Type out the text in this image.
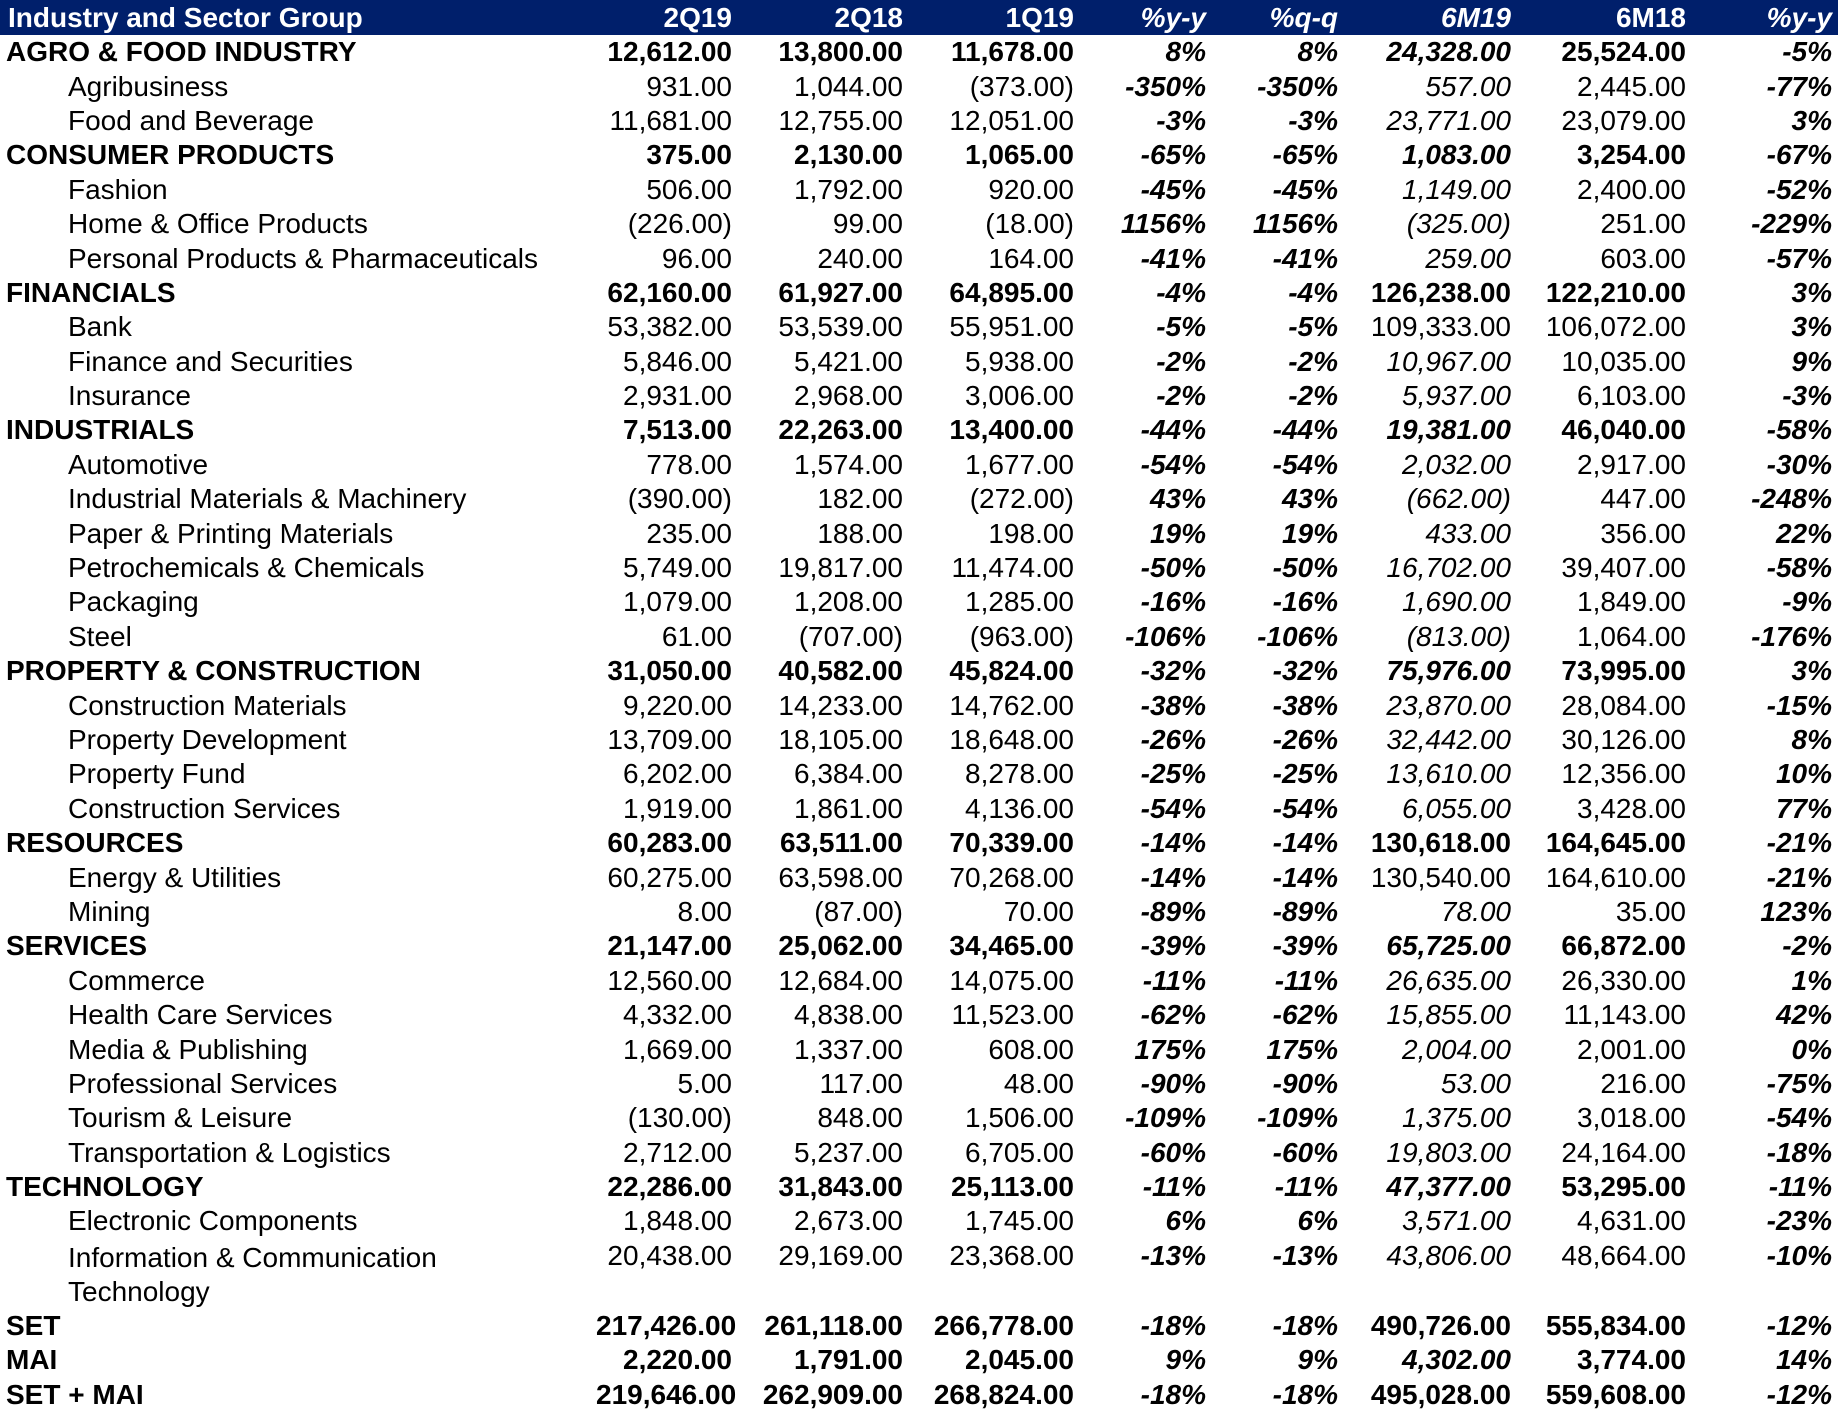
Industry and Sector Group	2Q19	2Q18	1Q19	%y-y	%q-q	6M19	6M18	%y-y
AGRO & FOOD INDUSTRY	12,612.00	13,800.00	11,678.00	8%	8%	24,328.00	25,524.00	-5%
Agribusiness	931.00	1,044.00	(373.00)	-350%	-350%	557.00	2,445.00	-77%
Food and Beverage	11,681.00	12,755.00	12,051.00	-3%	-3%	23,771.00	23,079.00	3%
CONSUMER PRODUCTS	375.00	2,130.00	1,065.00	-65%	-65%	1,083.00	3,254.00	-67%
Fashion	506.00	1,792.00	920.00	-45%	-45%	1,149.00	2,400.00	-52%
Home & Office Products	(226.00)	99.00	(18.00)	1156%	1156%	(325.00)	251.00	-229%
Personal Products & Pharmaceuticals	96.00	240.00	164.00	-41%	-41%	259.00	603.00	-57%
FINANCIALS	62,160.00	61,927.00	64,895.00	-4%	-4%	126,238.00	122,210.00	3%
Bank	53,382.00	53,539.00	55,951.00	-5%	-5%	109,333.00	106,072.00	3%
Finance and Securities	5,846.00	5,421.00	5,938.00	-2%	-2%	10,967.00	10,035.00	9%
Insurance	2,931.00	2,968.00	3,006.00	-2%	-2%	5,937.00	6,103.00	-3%
INDUSTRIALS	7,513.00	22,263.00	13,400.00	-44%	-44%	19,381.00	46,040.00	-58%
Automotive	778.00	1,574.00	1,677.00	-54%	-54%	2,032.00	2,917.00	-30%
Industrial Materials & Machinery	(390.00)	182.00	(272.00)	43%	43%	(662.00)	447.00	-248%
Paper & Printing Materials	235.00	188.00	198.00	19%	19%	433.00	356.00	22%
Petrochemicals & Chemicals	5,749.00	19,817.00	11,474.00	-50%	-50%	16,702.00	39,407.00	-58%
Packaging	1,079.00	1,208.00	1,285.00	-16%	-16%	1,690.00	1,849.00	-9%
Steel	61.00	(707.00)	(963.00)	-106%	-106%	(813.00)	1,064.00	-176%
PROPERTY & CONSTRUCTION	31,050.00	40,582.00	45,824.00	-32%	-32%	75,976.00	73,995.00	3%
Construction Materials	9,220.00	14,233.00	14,762.00	-38%	-38%	23,870.00	28,084.00	-15%
Property Development	13,709.00	18,105.00	18,648.00	-26%	-26%	32,442.00	30,126.00	8%
Property Fund	6,202.00	6,384.00	8,278.00	-25%	-25%	13,610.00	12,356.00	10%
Construction Services	1,919.00	1,861.00	4,136.00	-54%	-54%	6,055.00	3,428.00	77%
RESOURCES	60,283.00	63,511.00	70,339.00	-14%	-14%	130,618.00	164,645.00	-21%
Energy & Utilities	60,275.00	63,598.00	70,268.00	-14%	-14%	130,540.00	164,610.00	-21%
Mining	8.00	(87.00)	70.00	-89%	-89%	78.00	35.00	123%
SERVICES	21,147.00	25,062.00	34,465.00	-39%	-39%	65,725.00	66,872.00	-2%
Commerce	12,560.00	12,684.00	14,075.00	-11%	-11%	26,635.00	26,330.00	1%
Health Care Services	4,332.00	4,838.00	11,523.00	-62%	-62%	15,855.00	11,143.00	42%
Media & Publishing	1,669.00	1,337.00	608.00	175%	175%	2,004.00	2,001.00	0%
Professional Services	5.00	117.00	48.00	-90%	-90%	53.00	216.00	-75%
Tourism & Leisure	(130.00)	848.00	1,506.00	-109%	-109%	1,375.00	3,018.00	-54%
Transportation & Logistics	2,712.00	5,237.00	6,705.00	-60%	-60%	19,803.00	24,164.00	-18%
TECHNOLOGY	22,286.00	31,843.00	25,113.00	-11%	-11%	47,377.00	53,295.00	-11%
Electronic Components	1,848.00	2,673.00	1,745.00	6%	6%	3,571.00	4,631.00	-23%
Information & Communication Technology	20,438.00	29,169.00	23,368.00	-13%	-13%	43,806.00	48,664.00	-10%
SET	217,426.00	261,118.00	266,778.00	-18%	-18%	490,726.00	555,834.00	-12%
MAI	2,220.00	1,791.00	2,045.00	9%	9%	4,302.00	3,774.00	14%
SET + MAI	219,646.00	262,909.00	268,824.00	-18%	-18%	495,028.00	559,608.00	-12%
